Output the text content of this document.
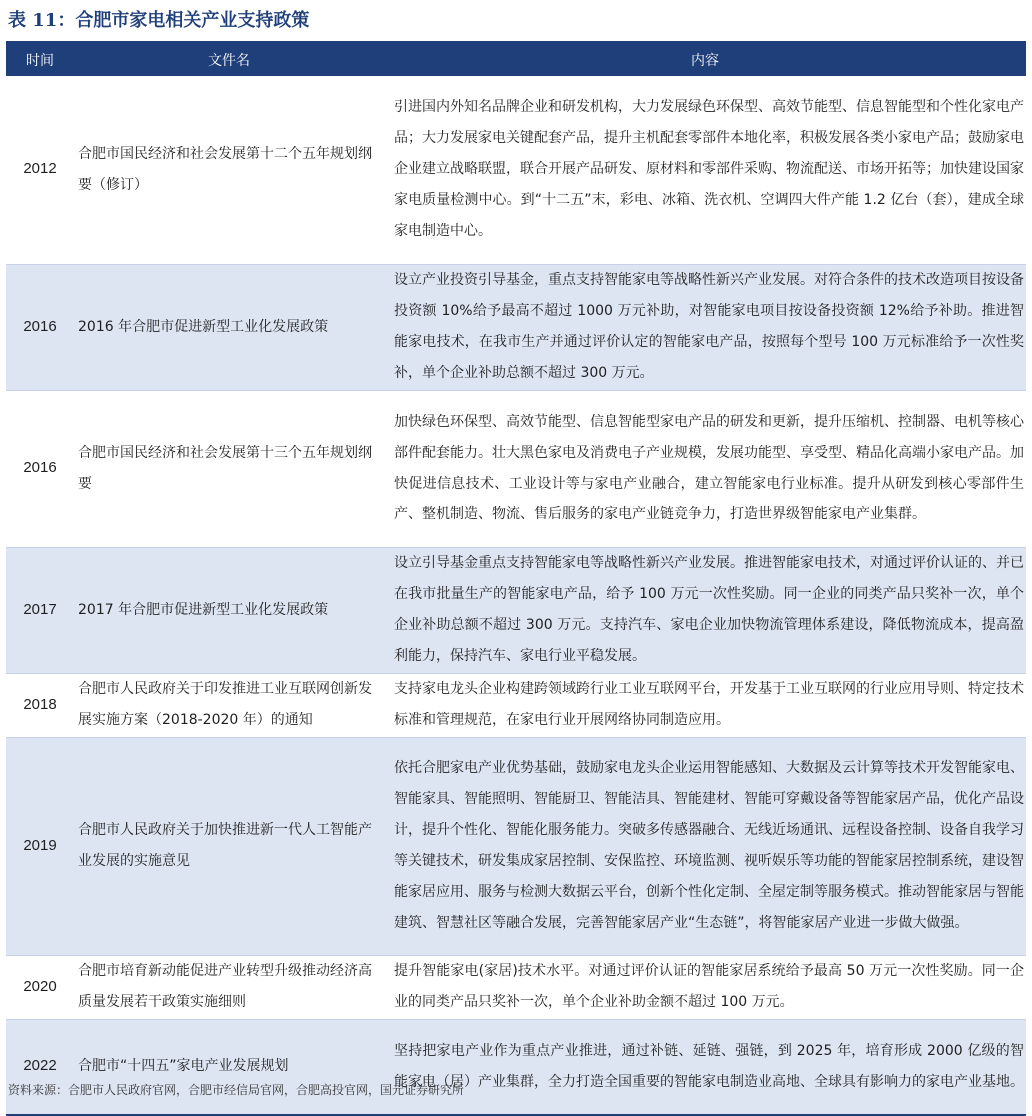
表 11：合肥市家电相关产业支持政策
时间	文件名	内容
2012	合肥市国民经济和社会发展第十二个五年规划纲要（修订）	引进国内外知名品牌企业和研发机构，大力发展绿色环保型、高效节能型、信息智能型和个性化家电产品；大力发展家电关键配套产品，提升主机配套零部件本地化率，积极发展各类小家电产品；鼓励家电企业建立战略联盟，联合开展产品研发、原材料和零部件采购、物流配送、市场开拓等；加快建设国家家电质量检测中心。到“十二五”末，彩电、冰箱、洗衣机、空调四大件产能 1.2 亿台（套），建成全球家电制造中心。
2016	2016 年合肥市促进新型工业化发展政策	设立产业投资引导基金，重点支持智能家电等战略性新兴产业发展。对符合条件的技术改造项目按设备投资额 10%给予最高不超过 1000 万元补助，对智能家电项目按设备投资额 12%给予补助。推进智能家电技术，在我市生产并通过评价认定的智能家电产品，按照每个型号 100 万元标准给予一次性奖补，单个企业补助总额不超过 300 万元。
2016	合肥市国民经济和社会发展第十三个五年规划纲要	加快绿色环保型、高效节能型、信息智能型家电产品的研发和更新，提升压缩机、控制器、电机等核心部件配套能力。壮大黑色家电及消费电子产业规模，发展功能型、享受型、精品化高端小家电产品。加快促进信息技术、工业设计等与家电产业融合，建立智能家电行业标准。提升从研发到核心零部件生产、整机制造、物流、售后服务的家电产业链竞争力，打造世界级智能家电产业集群。
2017	2017 年合肥市促进新型工业化发展政策	设立引导基金重点支持智能家电等战略性新兴产业发展。推进智能家电技术，对通过评价认证的、并已在我市批量生产的智能家电产品，给予 100 万元一次性奖励。同一企业的同类产品只奖补一次，单个企业补助总额不超过 300 万元。支持汽车、家电企业加快物流管理体系建设，降低物流成本，提高盈利能力，保持汽车、家电行业平稳发展。
2018	合肥市人民政府关于印发推进工业互联网创新发展实施方案（2018-2020 年）的通知	支持家电龙头企业构建跨领域跨行业工业互联网平台，开发基于工业互联网的行业应用导则、特定技术标准和管理规范，在家电行业开展网络协同制造应用。
2019	合肥市人民政府关于加快推进新一代人工智能产业发展的实施意见	依托合肥家电产业优势基础，鼓励家电龙头企业运用智能感知、大数据及云计算等技术开发智能家电、智能家具、智能照明、智能厨卫、智能洁具、智能建材、智能可穿戴设备等智能家居产品，优化产品设计，提升个性化、智能化服务能力。突破多传感器融合、无线近场通讯、远程设备控制、设备自我学习等关键技术，研发集成家居控制、安保监控、环境监测、视听娱乐等功能的智能家居控制系统，建设智能家居应用、服务与检测大数据云平台，创新个性化定制、全屋定制等服务模式。推动智能家居与智能建筑、智慧社区等融合发展，完善智能家居产业“生态链”，将智能家居产业进一步做大做强。
2020	合肥市培育新动能促进产业转型升级推动经济高质量发展若干政策实施细则	提升智能家电(家居)技术水平。对通过评价认证的智能家居系统给予最高 50 万元一次性奖励。同一企业的同类产品只奖补一次，单个企业补助金额不超过 100 万元。
2022	合肥市“十四五”家电产业发展规划	坚持把家电产业作为重点产业推进，通过补链、延链、强链，到 2025 年，培育形成 2000 亿级的智能家电（居）产业集群，全力打造全国重要的智能家电制造业高地、全球具有影响力的家电产业基地。
资料来源：合肥市人民政府官网，合肥市经信局官网，合肥高投官网，国元证券研究所
